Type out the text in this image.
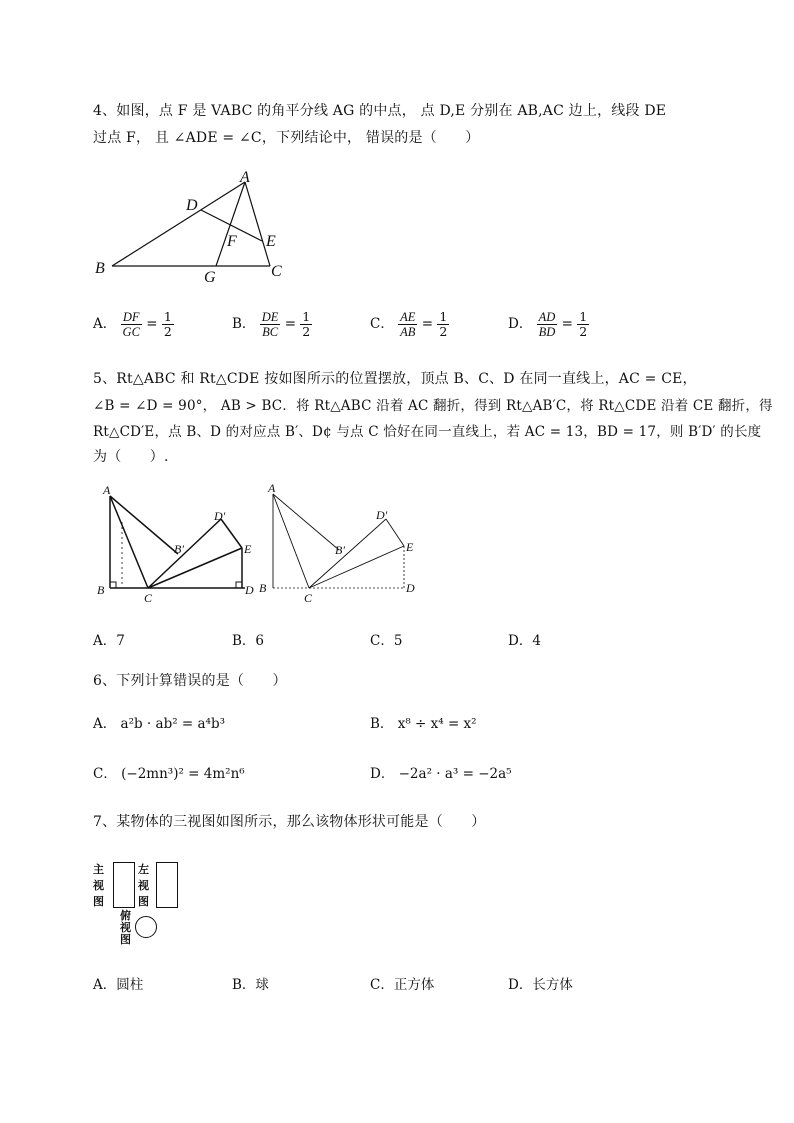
4、如图，点 F 是 VABC 的角平分线 AG 的中点， 点 D,E 分别在 AB,AC 边上，线段 DE
过点 F， 且 ∠ADE = ∠C，下列结论中， 错误的是（　　）
A
B	C
D
E
F
G
A． $\frac{DF}{GC} = \frac{1}{2}$	B． $\frac{DE}{BC} = \frac{1}{2}$	C． $\frac{AE}{AB} = \frac{1}{2}$	D． $\frac{AD}{BD} = \frac{1}{2}$
5、Rt△ABC 和 Rt△CDE 按如图所示的位置摆放，顶点 B、C、D 在同一直线上，AC = CE，
∠B = ∠D = 90°， AB > BC．将 Rt△ABC 沿着 AC 翻折，得到 Rt△AB′C，将 Rt△CDE 沿着 CE 翻折，得
Rt△CD′E，点 B、D 的对应点 B′、D¢ 与点 C 恰好在同一直线上，若 AC = 13，BD = 17，则 B′D′ 的长度
为（　　）.
A
B
C
D
E
B′
D′
A
B
C
D
E
B′
D′
A．7	B．6	C．5	D．4
6、下列计算错误的是（　　）
A． a²b · ab² = a⁴b³	B． x⁸ ÷ x⁴ = x²
C． (−2mn³)² = 4m²n⁶	D． −2a² · a³ = −2a⁵
7、某物体的三视图如图所示，那么该物体形状可能是（　　）
主视图
左视图
俯视图
A．圆柱	B．球	C．正方体	D．长方体
